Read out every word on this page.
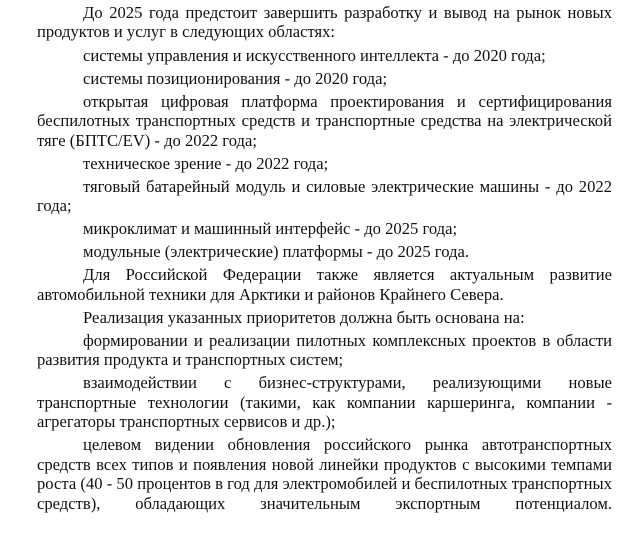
До 2025 года предстоит завершить разработку и вывод на рынок новых продуктов и услуг в следующих областях:

системы управления и искусственного интеллекта - до 2020 года;

системы позиционирования - до 2020 года;

открытая цифровая платформа проектирования и сертифицирования беспилотных транспортных средств и транспортные средства на электрической тяге (БПТС/EV) - до 2022 года;

техническое зрение - до 2022 года;

тяговый батарейный модуль и силовые электрические машины - до 2022 года;

микроклимат и машинный интерфейс - до 2025 года;

модульные (электрические) платформы - до 2025 года.

Для Российской Федерации также является актуальным развитие автомобильной техники для Арктики и районов Крайнего Севера.

Реализация указанных приоритетов должна быть основана на:

формировании и реализации пилотных комплексных проектов в области развития продукта и транспортных систем;

взаимодействии с бизнес-структурами, реализующими новые транспортные технологии (такими, как компании каршеринга, компании - агрегаторы транспортных сервисов и др.);

целевом видении обновления российского рынка автотранспортных средств всех типов и появления новой линейки продуктов с высокими темпами роста (40 - 50 процентов в год для электромобилей и беспилотных транспортных средств), обладающих значительным экспортным потенциалом.
